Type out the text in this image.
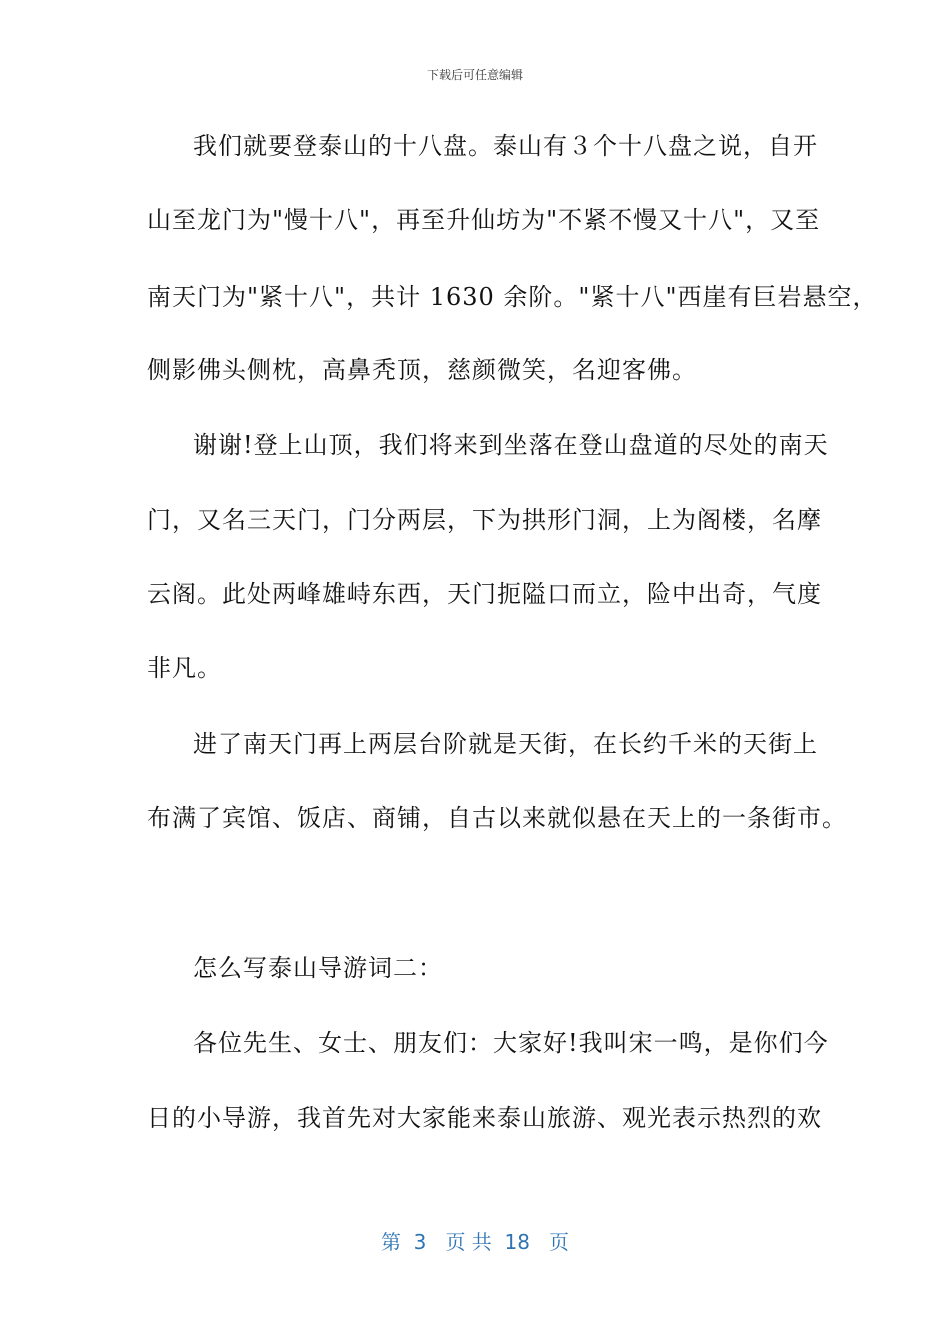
下载后可任意编辑
我们就要登泰山的十八盘。泰山有３个十八盘之说，自开
山至龙门为"慢十八"，再至升仙坊为"不紧不慢又十八"，又至
南天门为"紧十八"，共计 1630 余阶。"紧十八"西崖有巨岩悬空，
侧影佛头侧枕，高鼻秃顶，慈颜微笑，名迎客佛。
谢谢!登上山顶，我们将来到坐落在登山盘道的尽处的南天
门，又名三天门，门分两层，下为拱形门洞，上为阁楼，名摩
云阁。此处两峰雄峙东西，天门扼隘口而立，险中出奇，气度
非凡。
进了南天门再上两层台阶就是天街，在长约千米的天街上
布满了宾馆、饭店、商铺，自古以来就似悬在天上的一条街市。
怎么写泰山导游词二：
各位先生、女士、朋友们：大家好!我叫宋一鸣，是你们今
日的小导游，我首先对大家能来泰山旅游、观光表示热烈的欢
第  3   页 共  18   页
